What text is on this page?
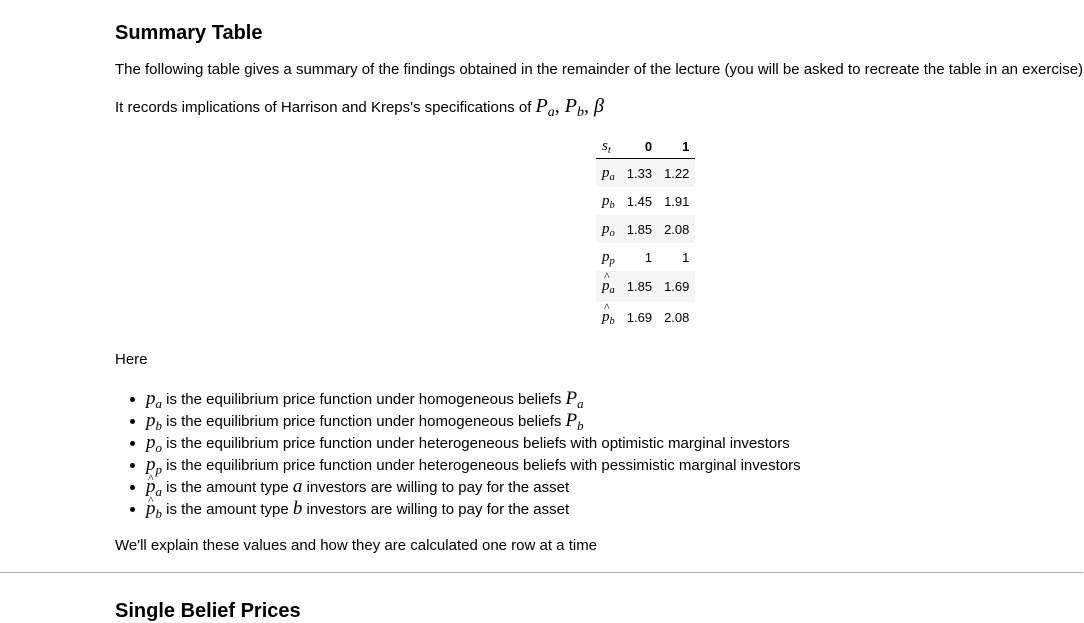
Summary Table

The following table gives a summary of the findings obtained in the remainder of the lecture (you will be asked to recreate the table in an exercise)

It records implications of Harrison and Kreps's specifications of $P_a$, $P_b$, β

Here

$p_a$ is the equilibrium price function under homogeneous beliefs $P_a$
$p_b$ is the equilibrium price function under homogeneous beliefs $P_b$
$p_o$ is the equilibrium price function under heterogeneous beliefs with optimistic marginal investors
$p_p$ is the equilibrium price function under heterogeneous beliefs with pessimistic marginal investors
^ $p_a$ is the amount type a investors are willing to pay for the asset
^ $p_b$ is the amount type b investors are willing to pay for the asset

We'll explain these values and how they are calculated one row at a time

Single Belief Prices
$s_t$	0	1
$p_a$	1.33	1.22
$p_b$	1.45	1.91
$p_o$	1.85	2.08
$p_p$	1	1
^ $p_a$	1.85	1.69
^ $p_b$	1.69	2.08
